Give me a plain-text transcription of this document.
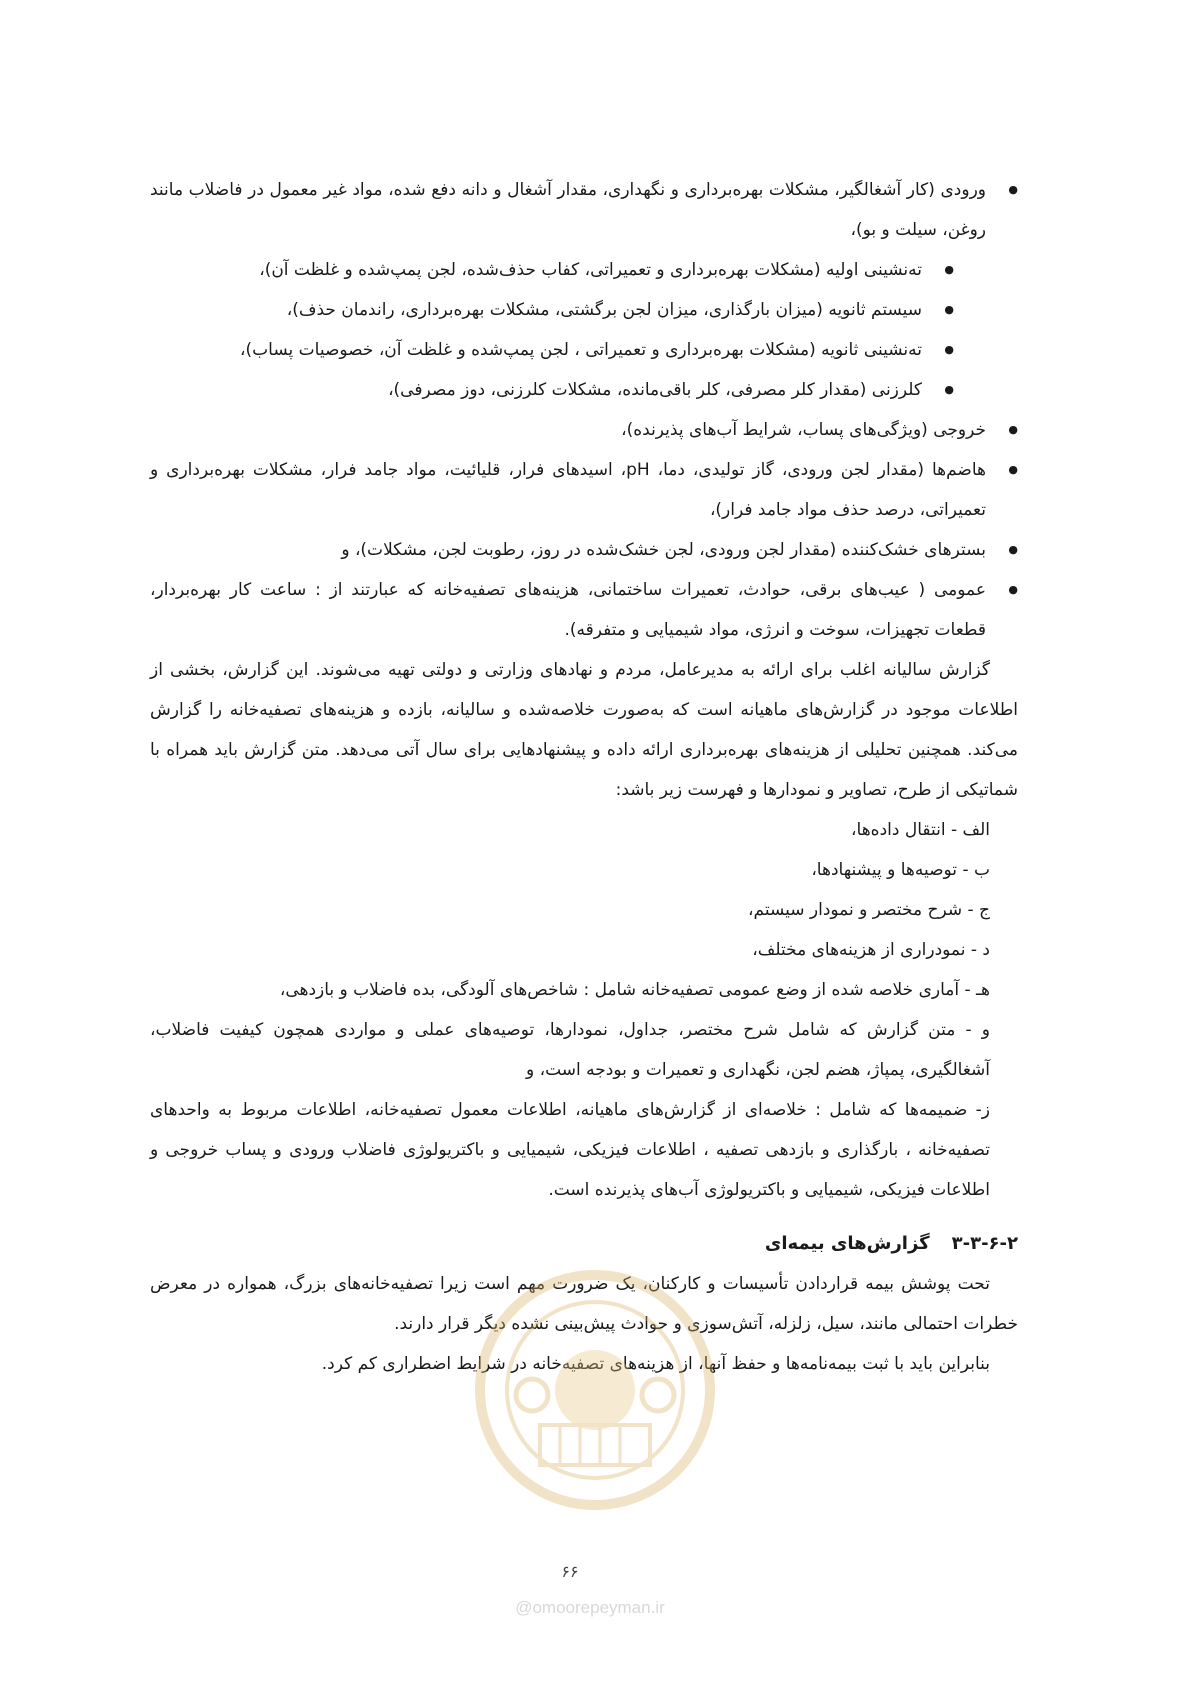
● ورودی (کار آشغالگیر، مشکلات بهره‌برداری و نگهداری، مقدار آشغال و دانه دفع شده، مواد غیر معمول در فاضلاب مانند روغن، سیلت و بو)،
● ته‌نشینی اولیه (مشکلات بهره‌برداری و تعمیراتی، کفاب حذف‌شده، لجن پمپ‌شده و غلظت آن)،
● سیستم ثانویه (میزان بارگذاری، میزان لجن برگشتی، مشکلات بهره‌برداری، راندمان حذف)،
● ته‌نشینی ثانویه (مشکلات بهره‌برداری و تعمیراتی ، لجن پمپ‌شده و غلظت آن، خصوصیات پساب)،
● کلرزنی (مقدار کلر مصرفی، کلر باقی‌مانده، مشکلات کلرزنی، دوز مصرفی)،
● خروجی (ویژگی‌های پساب، شرایط آب‌های پذیرنده)،
● هاضم‌ها (مقدار لجن ورودی، گاز تولیدی، دما، pH، اسیدهای فرار، قلیائیت، مواد جامد فرار، مشکلات بهره‌برداری و تعمیراتی، درصد حذف مواد جامد فرار)،
● بسترهای خشک‌کننده (مقدار لجن ورودی، لجن خشک‌شده در روز، رطوبت لجن، مشکلات)، و
● عمومی ( عیب‌های برقی، حوادث، تعمیرات ساختمانی، هزینه‌های تصفیه‌خانه که عبارتند از : ساعت کار بهره‌بردار، قطعات تجهیزات، سوخت و انرژی، مواد شیمیایی و متفرقه).

گزارش سالیانه اغلب برای ارائه به مدیرعامل، مردم و نهادهای وزارتی و دولتی تهیه می‌شوند. این گزارش، بخشی از اطلاعات موجود در گزارش‌های ماهیانه است که به‌صورت خلاصه‌شده و سالیانه، بازده و هزینه‌های تصفیه‌خانه را گزارش می‌کند. همچنین تحلیلی از هزینه‌های بهره‌برداری ارائه داده و پیشنهادهایی برای سال آتی می‌دهد. متن گزارش باید همراه با شماتیکی از طرح، تصاویر و نمودارها و فهرست زیر باشد:

الف - انتقال داده‌ها،

ب - توصیه‌ها و پیشنهادها،

ج - شرح مختصر و نمودار سیستم،

د - نمودراری از هزینه‌های مختلف،

هـ - آماری خلاصه شده از وضع عمومی تصفیه‌خانه شامل : شاخص‌های آلودگی، بده فاضلاب و بازدهی،

و - متن گزارش که شامل شرح مختصر، جداول، نمودارها، توصیه‌های عملی و مواردی همچون کیفیت فاضلاب، آشغالگیری، پمپاژ، هضم لجن، نگهداری و تعمیرات و بودجه است، و

ز- ضمیمه‌ها که شامل : خلاصه‌ای از گزارش‌های ماهیانه، اطلاعات معمول تصفیه‌خانه، اطلاعات مربوط به واحدهای تصفیه‌خانه ، بارگذاری و بازدهی تصفیه ، اطلاعات فیزیکی، شیمیایی و باکتریولوژی فاضلاب ورودی و پساب خروجی و اطلاعات فیزیکی، شیمیایی و باکتریولوژی آب‌های پذیرنده است.

۳-۳-۶-۲گزارش‌های بیمه‌ای

تحت پوشش بیمه قراردادن تأسیسات و کارکنان، یک ضرورت مهم است زیرا تصفیه‌خانه‌های بزرگ، همواره در معرض خطرات احتمالی مانند، سیل، زلزله، آتش‌سوزی و حوادث پیش‌بینی نشده دیگر قرار دارند.

بنابراین باید با ثبت بیمه‌نامه‌ها و حفظ آنها، از هزینه‌های تصفیه‌خانه در شرایط اضطراری کم کرد.

۶۶
@omoorepeyman.ir
